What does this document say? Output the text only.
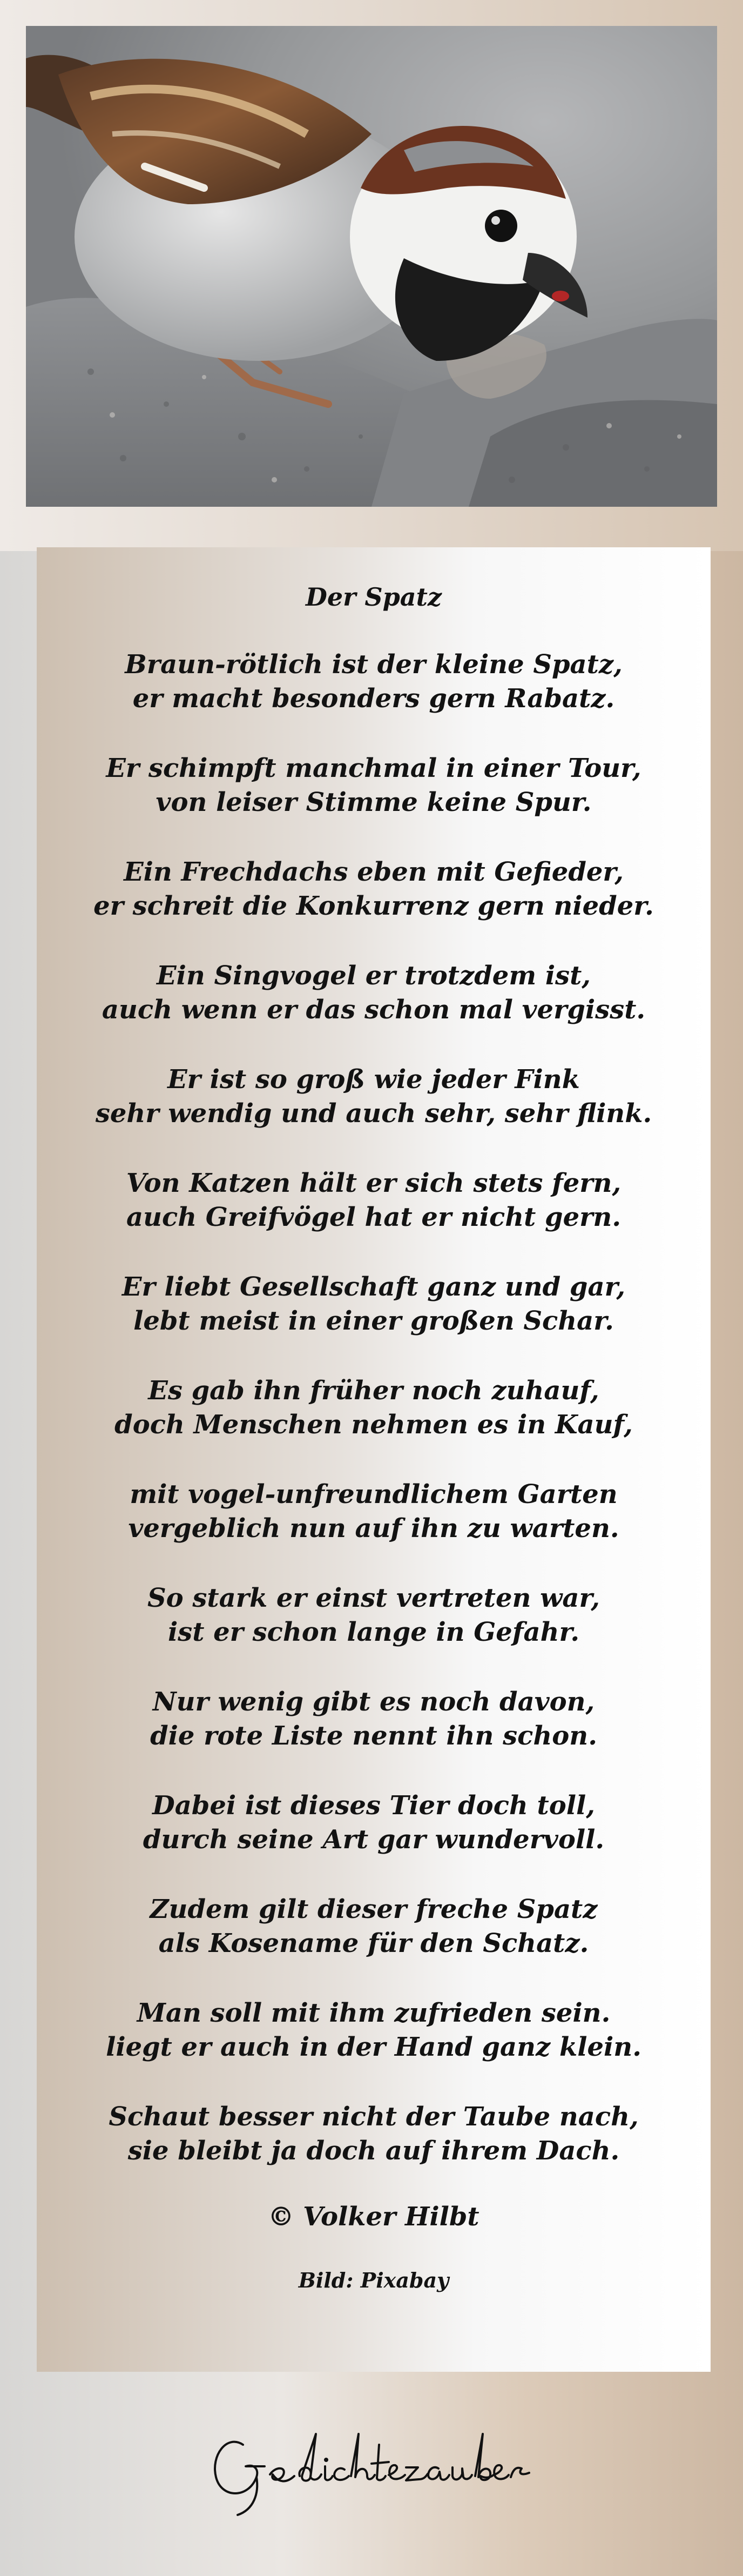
Der Spatz
Braun-rötlich ist der kleine Spatz,
er macht besonders gern Rabatz.
Er schimpft manchmal in einer Tour,
von leiser Stimme keine Spur.
Ein Frechdachs eben mit Gefieder,
er schreit die Konkurrenz gern nieder.
Ein Singvogel er trotzdem ist,
auch wenn er das schon mal vergisst.
Er ist so groß wie jeder Fink
sehr wendig und auch sehr, sehr flink.
Von Katzen hält er sich stets fern,
auch Greifvögel hat er nicht gern.
Er liebt Gesellschaft ganz und gar,
lebt meist in einer großen Schar.
Es gab ihn früher noch zuhauf,
doch Menschen nehmen es in Kauf,
mit vogel-unfreundlichem Garten
vergeblich nun auf ihn zu warten.
So stark er einst vertreten war,
ist er schon lange in Gefahr.
Nur wenig gibt es noch davon,
die rote Liste nennt ihn schon.
Dabei ist dieses Tier doch toll,
durch seine Art gar wundervoll.
Zudem gilt dieser freche Spatz
als Kosename für den Schatz.
Man soll mit ihm zufrieden sein.
liegt er auch in der Hand ganz klein.
Schaut besser nicht der Taube nach,
sie bleibt ja doch auf ihrem Dach.
© Volker Hilbt
Bild: Pixabay
